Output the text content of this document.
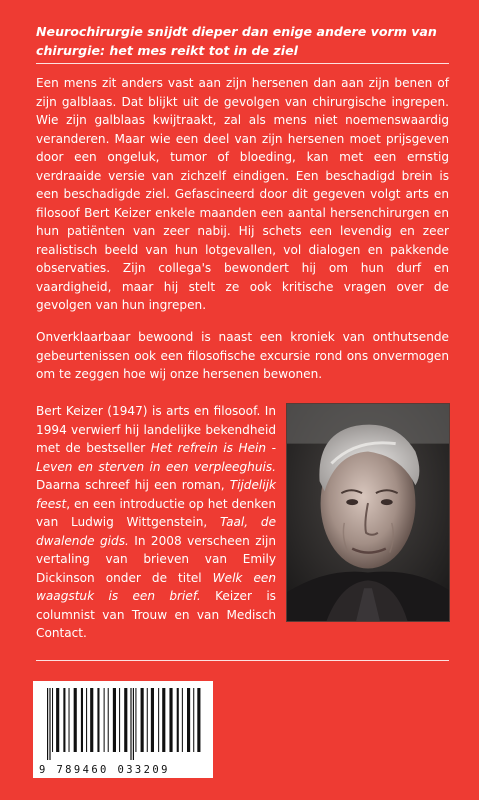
Neurochirurgie snijdt dieper dan enige andere vorm van chirurgie: het mes reikt tot in de ziel

Een mens zit anders vast aan zijn hersenen dan aan zijn benen of zijn galblaas. Dat blijkt uit de gevolgen van chirurgische ingrepen. Wie zijn galblaas kwijtraakt, zal als mens niet noemenswaardig veranderen. Maar wie een deel van zijn hersenen moet prijsgeven door een ongeluk, tumor of bloeding, kan met een ernstig verdraaide versie van zichzelf eindigen. Een beschadigd brein is een beschadigde ziel. Gefascineerd door dit gegeven volgt arts en filosoof Bert Keizer enkele maanden een aantal hersenchirurgen en hun patiënten van zeer nabij. Hij schets een levendig en zeer realistisch beeld van hun lotgevallen, vol dialogen en pakkende observaties. Zijn collega's bewondert hij om hun durf en vaardigheid, maar hij stelt ze ook kritische vragen over de gevolgen van hun ingrepen.

Onverklaarbaar bewoond is naast een kroniek van onthutsende gebeurtenissen ook een filosofische excursie rond ons onvermogen om te zeggen hoe wij onze hersenen bewonen.

Bert Keizer (1947) is arts en filosoof. In 1994 verwierf hij landelijke bekendheid met de bestseller Het refrein is Hein - Leven en sterven in een verpleeghuis. Daarna schreef hij een roman, Tijdelijk feest, en een introductie op het denken van Ludwig Wittgenstein, Taal, de dwalende gids. In 2008 verscheen zijn vertaling van brieven van Emily Dickinson onder de titel Welk een waagstuk is een brief. Keizer is columnist van Trouw en van Medisch Contact.

9 789460 033209
